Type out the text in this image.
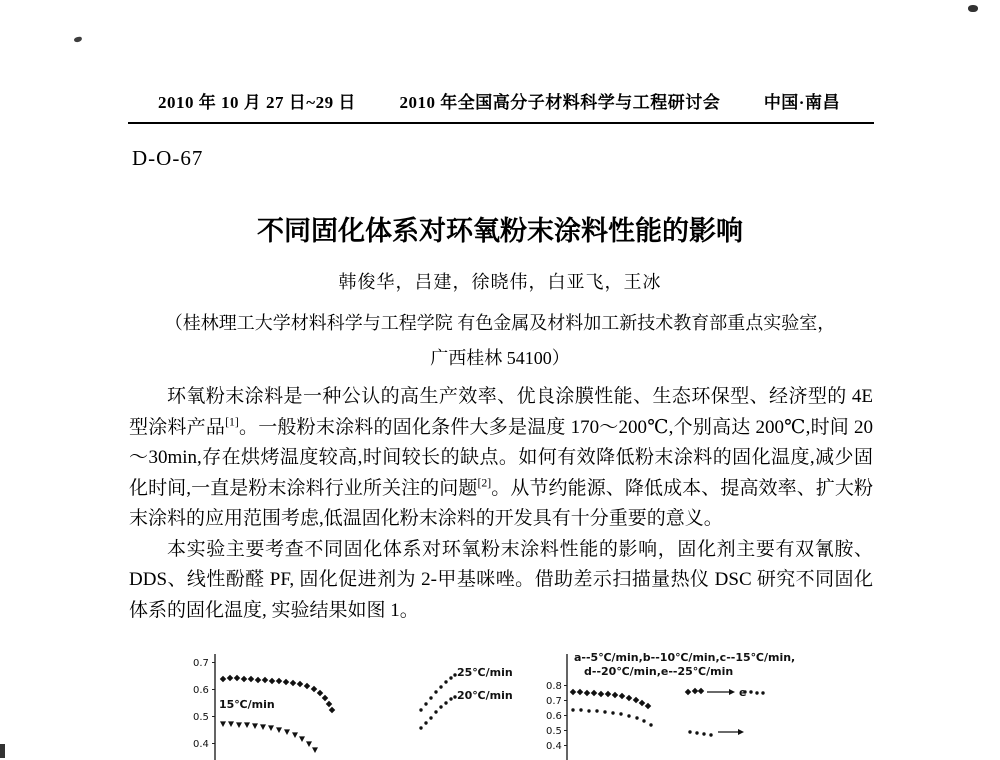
2010 年 10 月 27 日~29 日	2010 年全国高分子材料科学与工程研讨会	中国·南昌
D-O-67
不同固化体系对环氧粉末涂料性能的影响
韩俊华，吕建，徐晓伟，白亚飞，王冰
（桂林理工大学材料科学与工程学院 有色金属及材料加工新技术教育部重点实验室，
广西桂林 54100）

环氧粉末涂料是一种公认的高生产效率、优良涂膜性能、生态环保型、经济型的 4E 型涂料产品[1]。一般粉末涂料的固化条件大多是温度 170～200℃,个别高达 200℃,时间 20～30min,存在烘烤温度较高,时间较长的缺点。如何有效降低粉末涂料的固化温度,减少固化时间,一直是粉末涂料行业所关注的问题[2]。从节约能源、降低成本、提高效率、扩大粉末涂料的应用范围考虑,低温固化粉末涂料的开发具有十分重要的意义。

本实验主要考查不同固化体系对环氧粉末涂料性能的影响，固化剂主要有双氰胺、DDS、线性酚醛 PF, 固化促进剂为 2-甲基咪唑。借助差示扫描量热仪 DSC 研究不同固化体系的固化温度, 实验结果如图 1。

0.7
0.6
0.5
0.4
15℃/min
25℃/min
20℃/min
0.8
0.7
0.6
0.5
0.4
a--5℃/min,b--10℃/min,c--15℃/min,
d--20℃/min,e--25℃/min
e
